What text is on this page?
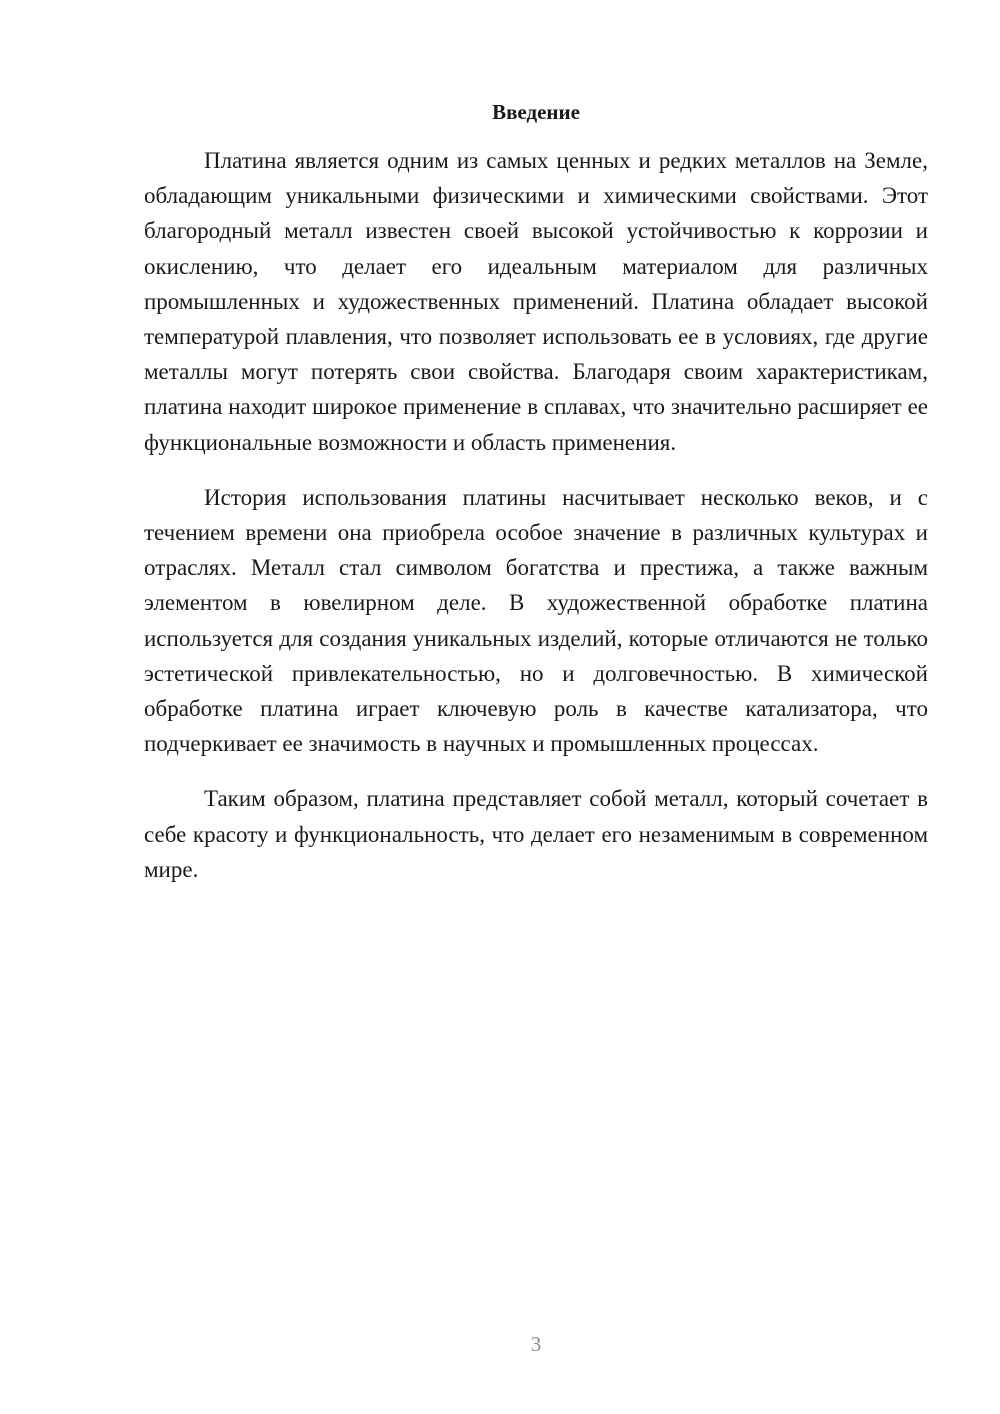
Введение

Платина является одним из самых ценных и редких металлов на Земле, обладающим уникальными физическими и химическими свойствами. Этот благородный металл известен своей высокой устойчивостью к коррозии и окислению, что делает его идеальным материалом для различных промышленных и художественных применений. Платина обладает высокой температурой плавления, что позволяет использовать ее в условиях, где другие металлы могут потерять свои свойства. Благодаря своим характеристикам, платина находит широкое применение в сплавах, что значительно расширяет ее функциональные возможности и область применения.

История использования платины насчитывает несколько веков, и с течением времени она приобрела особое значение в различных культурах и отраслях. Металл стал символом богатства и престижа, а также важным элементом в ювелирном деле. В художественной обработке платина используется для создания уникальных изделий, которые отличаются не только эстетической привлекательностью, но и долговечностью. В химической обработке платина играет ключевую роль в качестве катализатора, что подчеркивает ее значимость в научных и промышленных процессах.

Таким образом, платина представляет собой металл, который сочетает в себе красоту и функциональность, что делает его незаменимым в современном мире.

3
